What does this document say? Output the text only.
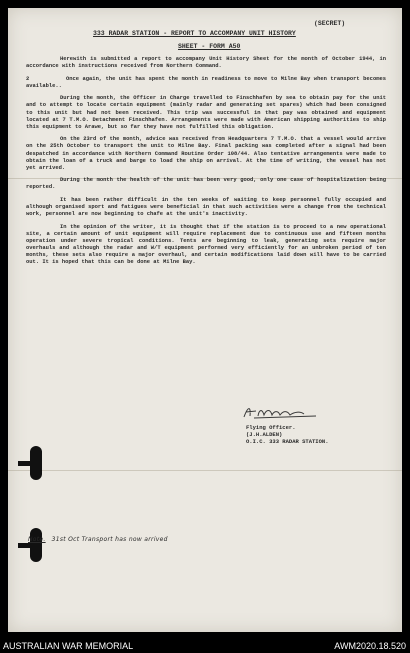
(SECRET)
333 RADAR STATION - REPORT TO ACCOMPANY UNIT HISTORY
SHEET - FORM A50

Herewith is submitted a report to accompany Unit History Sheet for the month of October 1944, in accordance with instructions received from Northern Command.

2	Once again, the unit has spent the month in readiness to move to Milne Bay when transport becomes available..

During the month, the Officer in Charge travelled to Finschhafen by sea to obtain pay for the unit and to attempt to locate certain equipment (mainly radar and generating set spares) which had been consigned to this unit but had not been received. This trip was successful in that pay was obtained and equipment located at 7 T.M.O. Detachment Finschhafen. Arrangements were made with American shipping authorities to ship this equipment to Arawe, but so far they have not fulfilled this obligation.

On the 23rd of the month, advice was received from Headquarters 7 T.M.O. that a vessel would arrive on the 25th October to transport the unit to Milne Bay. Final packing was completed after a signal had been despatched in accordance with Northern Command Routine Order 108/44. Also tentative arrangements were made to obtain the loan of a truck and barge to load the ship on arrival. At the time of writing, the vessel has not yet arrived.

During the month the health of the unit has been very good, only one case of hospitalization being reported.

It has been rather difficult in the ten weeks of waiting to keep personnel fully occupied and although organised sport and fatigues were beneficial in that such activities were a change from the technical work, personnel are now beginning to chafe at the unit's inactivity.

In the opinion of the writer, it is thought that if the station is to proceed to a new operational site, a certain amount of unit equipment will require replacement due to continuous use and fifteen months operation under severe tropical conditions. Tents are beginning to leak, generating sets require major overhauls and although the radar and W/T equipment performed very efficiently for an unbroken period of ten months, these sets also require a major overhaul, and certain modifications laid down will have to be carried out. It is hoped that this can be done at Milne Bay.

Flying Officer.
(J.H.ALDEN)
O.I.C. 333 RADAR STATION.
Note. 31st Oct Transport has now arrived
AUSTRALIAN WAR MEMORIAL	AWM2020.18.520
